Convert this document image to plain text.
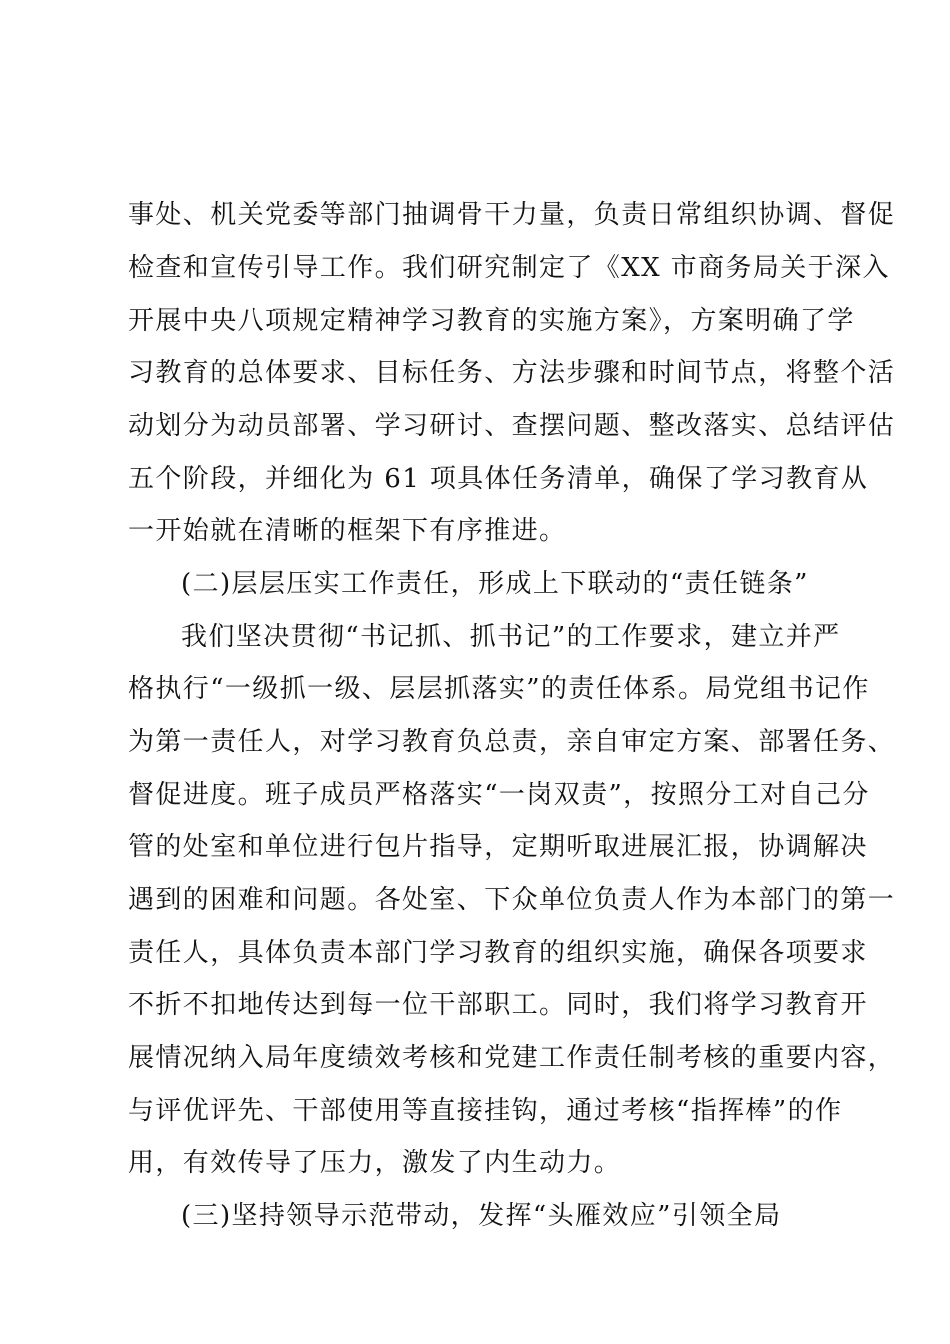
事处、机关党委等部门抽调骨干力量，负责日常组织协调、督促
检查和宣传引导工作。我们研究制定了《XX 市商务局关于深入
开展中央八项规定精神学习教育的实施方案》，方案明确了学
习教育的总体要求、目标任务、方法步骤和时间节点，将整个活
动划分为动员部署、学习研讨、查摆问题、整改落实、总结评估
五个阶段，并细化为 61 项具体任务清单，确保了学习教育从
一开始就在清晰的框架下有序推进。
(二)层层压实工作责任，形成上下联动的“责任链条”
我们坚决贯彻“书记抓、抓书记”的工作要求，建立并严
格执行“一级抓一级、层层抓落实”的责任体系。局党组书记作
为第一责任人，对学习教育负总责，亲自审定方案、部署任务、
督促进度。班子成员严格落实“一岗双责”，按照分工对自己分
管的处室和单位进行包片指导，定期听取进展汇报，协调解决
遇到的困难和问题。各处室、下众单位负责人作为本部门的第一
责任人，具体负责本部门学习教育的组织实施，确保各项要求
不折不扣地传达到每一位干部职工。同时，我们将学习教育开
展情况纳入局年度绩效考核和党建工作责任制考核的重要内容，
与评优评先、干部使用等直接挂钩，通过考核“指挥棒”的作
用，有效传导了压力，激发了内生动力。
(三)坚持领导示范带动，发挥“头雁效应”引领全局
